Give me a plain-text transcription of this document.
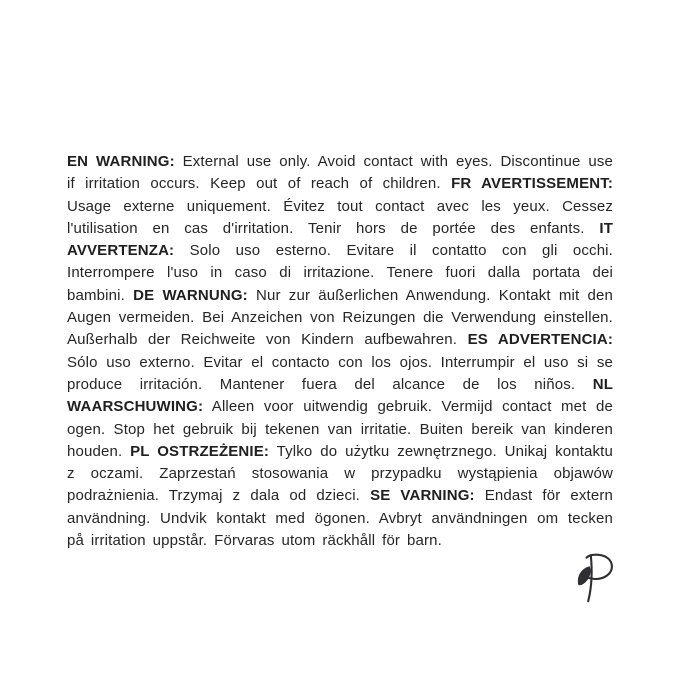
EN WARNING: External use only. Avoid contact with eyes. Discontinue use if irritation occurs. Keep out of reach of children. FR AVERTISSEMENT: Usage externe uniquement. Évitez tout contact avec les yeux. Cessez l'utilisation en cas d'irritation. Tenir hors de portée des enfants. IT AVVERTENZA: Solo uso esterno. Evitare il contatto con gli occhi. Interrompere l'uso in caso di irritazione. Tenere fuori dalla portata dei bambini. DE WARNUNG: Nur zur äußerlichen Anwendung. Kontakt mit den Augen vermeiden. Bei Anzeichen von Reizungen die Verwendung einstellen. Außerhalb der Reichweite von Kindern aufbewahren. ES ADVERTENCIA: Sólo uso externo. Evitar el contacto con los ojos. Interrumpir el uso si se produce irritación. Mantener fuera del alcance de los niños. NL WAARSCHUWING: Alleen voor uitwendig gebruik. Vermijd contact met de ogen. Stop het gebruik bij tekenen van irritatie. Buiten bereik van kinderen houden. PL OSTRZEŻENIE: Tylko do użytku zewnętrznego. Unikaj kontaktu z oczami. Zaprzestań stosowania w przypadku wystąpienia objawów podrażnienia. Trzymaj z dala od dzieci. SE VARNING: Endast för extern användning. Undvik kontakt med ögonen. Avbryt användningen om tecken på irritation uppstår. Förvaras utom räckhåll för barn.
